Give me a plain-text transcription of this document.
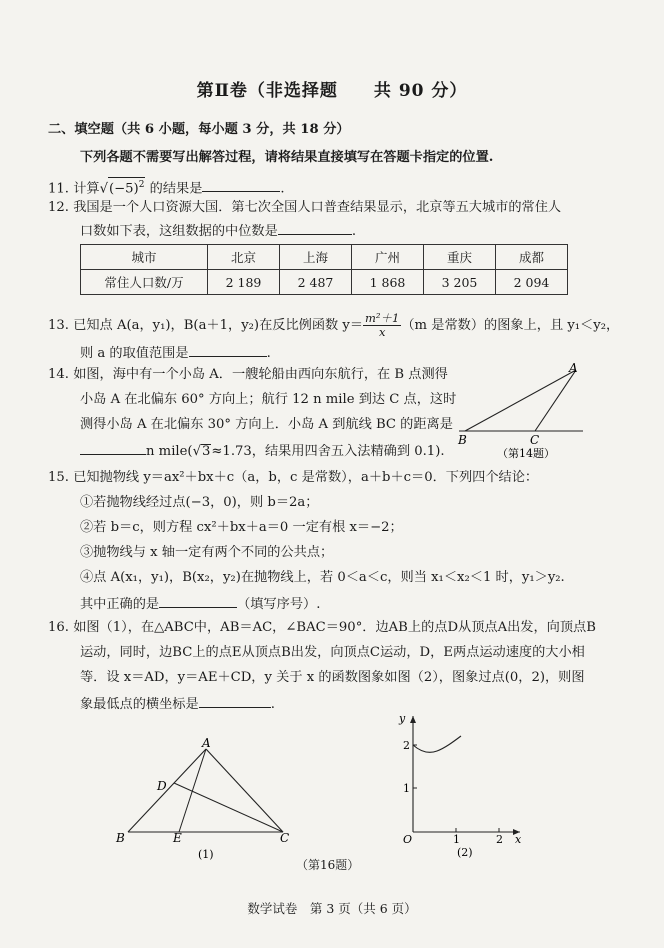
第Ⅱ卷（非选择题　　共 90 分）
二、填空题（共 6 小题，每小题 3 分，共 18 分）
下列各题不需要写出解答过程，请将结果直接填写在答题卡指定的位置.
11. 计算$√(-5)^2$ 的结果是	.
12. 我国是一个人口资源大国．第七次全国人口普查结果显示，北京等五大城市的常住人
口数如下表，这组数据的中位数是	.
城市	北京	上海	广州	重庆	成都
常住人口数/万	2 189	2 487	1 868	3 205	2 094
13. 已知点 A(a，y₁)，B(a＋1，y₂)在反比例函数 $y= \frac{\text{m²＋1}}{x} (m$ 是常数）的图象上，且 y₁＜y₂，
则 a 的取值范围是	.
14. 如图，海中有一个小岛 A．一艘轮船由西向东航行，在 B 点测得
小岛 A 在北偏东 60° 方向上；航行 12 n mile 到达 C 点，这时
测得小岛 A 在北偏东 30° 方向上．小岛 A 到航线 BC 的距离是
n mile(√3≈1.73，结果用四舍五入法精确到 0.1).
A
B	C
（第14题）
15. 已知抛物线 y＝ax²＋bx＋c（a，b，c 是常数），a＋b＋c＝0．下列四个结论：
①若抛物线经过点(−3，0)，则 b＝2a；
②若 b＝c，则方程 cx²＋bx＋a＝0 一定有根 x＝−2；
③抛物线与 x 轴一定有两个不同的公共点；
④点 A(x₁，y₁)，B(x₂，y₂)在抛物线上，若 0＜a＜c，则当 x₁＜x₂＜1 时，y₁＞y₂.
其中正确的是	（填写序号）.
16. 如图（1），在△ABC中，AB＝AC，∠BAC＝90°．边AB上的点D从顶点A出发，向顶点B
运动，同时，边BC上的点E从顶点B出发，向顶点C运动，D，E两点运动速度的大小相
等．设 x＝AD，y＝AE＋CD，y 关于 x 的函数图象如图（2），图象过点(0，2)，则图
象最低点的横坐标是	.
A
D
B	E	C
(1)
y
x
2
1
O	1	2
(2)
（第16题）
数学试卷　第 3 页（共 6 页）
